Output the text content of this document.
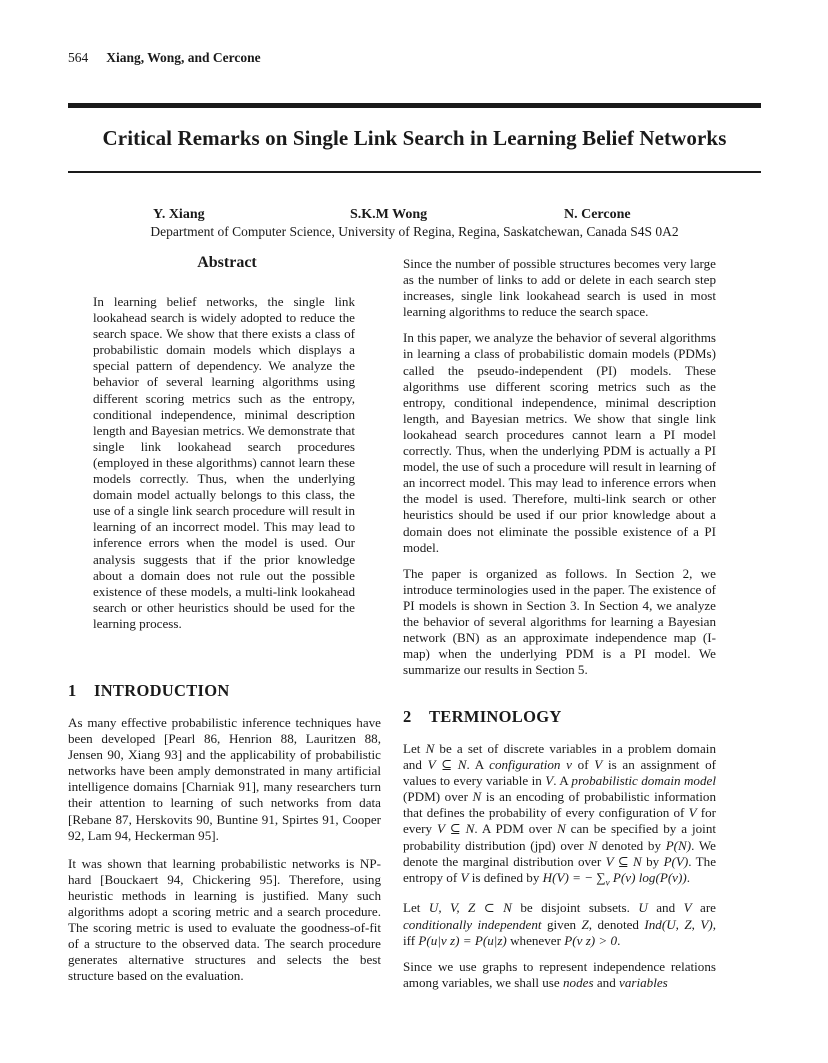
564 Xiang, Wong, and Cercone
Critical Remarks on Single Link Search in Learning Belief Networks
Y. Xiang	S.K.M Wong	N. Cercone
Department of Computer Science, University of Regina, Regina, Saskatchewan, Canada S4S 0A2
Abstract

In learning belief networks, the single link lookahead search is widely adopted to reduce the search space. We show that there exists a class of probabilistic domain models which displays a special pattern of dependency. We analyze the behavior of several learning algorithms using different scoring metrics such as the entropy, conditional independence, minimal description length and Bayesian metrics. We demonstrate that single link lookahead search procedures (employed in these algorithms) cannot learn these models correctly. Thus, when the underlying domain model actually belongs to this class, the use of a single link search procedure will result in learning of an incorrect model. This may lead to inference errors when the model is used. Our analysis suggests that if the prior knowledge about a domain does not rule out the possible existence of these models, a multi-link lookahead search or other heuristics should be used for the learning process.

1 INTRODUCTION

As many effective probabilistic inference techniques have been developed [Pearl 86, Henrion 88, Lauritzen 88, Jensen 90, Xiang 93] and the applicability of probabilistic networks have been amply demonstrated in many artificial intelligence domains [Charniak 91], many researchers turn their attention to learning of such networks from data [Rebane 87, Herskovits 90, Buntine 91, Spirtes 91, Cooper 92, Lam 94, Heckerman 95].

It was shown that learning probabilistic networks is NP-hard [Bouckaert 94, Chickering 95]. Therefore, using heuristic methods in learning is justified. Many such algorithms adopt a scoring metric and a search procedure. The scoring metric is used to evaluate the goodness-of-fit of a structure to the observed data. The search procedure generates alternative structures and selects the best structure based on the evaluation.

Since the number of possible structures becomes very large as the number of links to add or delete in each search step increases, single link lookahead search is used in most learning algorithms to reduce the search space.

In this paper, we analyze the behavior of several algorithms in learning a class of probabilistic domain models (PDMs) called the pseudo-independent (PI) models. These algorithms use different scoring metrics such as the entropy, conditional independence, minimal description length, and Bayesian metrics. We show that single link lookahead search procedures cannot learn a PI model correctly. Thus, when the underlying PDM is actually a PI model, the use of such a procedure will result in learning of an incorrect model. This may lead to inference errors when the model is used. Therefore, multi-link search or other heuristics should be used if our prior knowledge about a domain does not eliminate the possible existence of a PI model.

The paper is organized as follows. In Section 2, we introduce terminologies used in the paper. The existence of PI models is shown in Section 3. In Section 4, we analyze the behavior of several algorithms for learning a Bayesian network (BN) as an approximate independence map (I-map) when the underlying PDM is a PI model. We summarize our results in Section 5.

2 TERMINOLOGY

Let N be a set of discrete variables in a problem domain and V ⊆ N. A configuration v of V is an assignment of values to every variable in V. A probabilistic domain model (PDM) over N is an encoding of probabilistic information that defines the probability of every configuration of V for every V ⊆ N. A PDM over N can be specified by a joint probability distribution (jpd) over N denoted by P(N). We denote the marginal distribution over V ⊆ N by P(V). The entropy of V is defined by H(V) = − $\sum_v$ P(v) log(P(v)).

Let U, V, Z ⊂ N be disjoint subsets. U and V are conditionally independent given Z, denoted Ind(U, Z, V), iff P(u|v z) = P(u|z) whenever P(v z) > 0.

Since we use graphs to represent independence relations among variables, we shall use nodes and variables
